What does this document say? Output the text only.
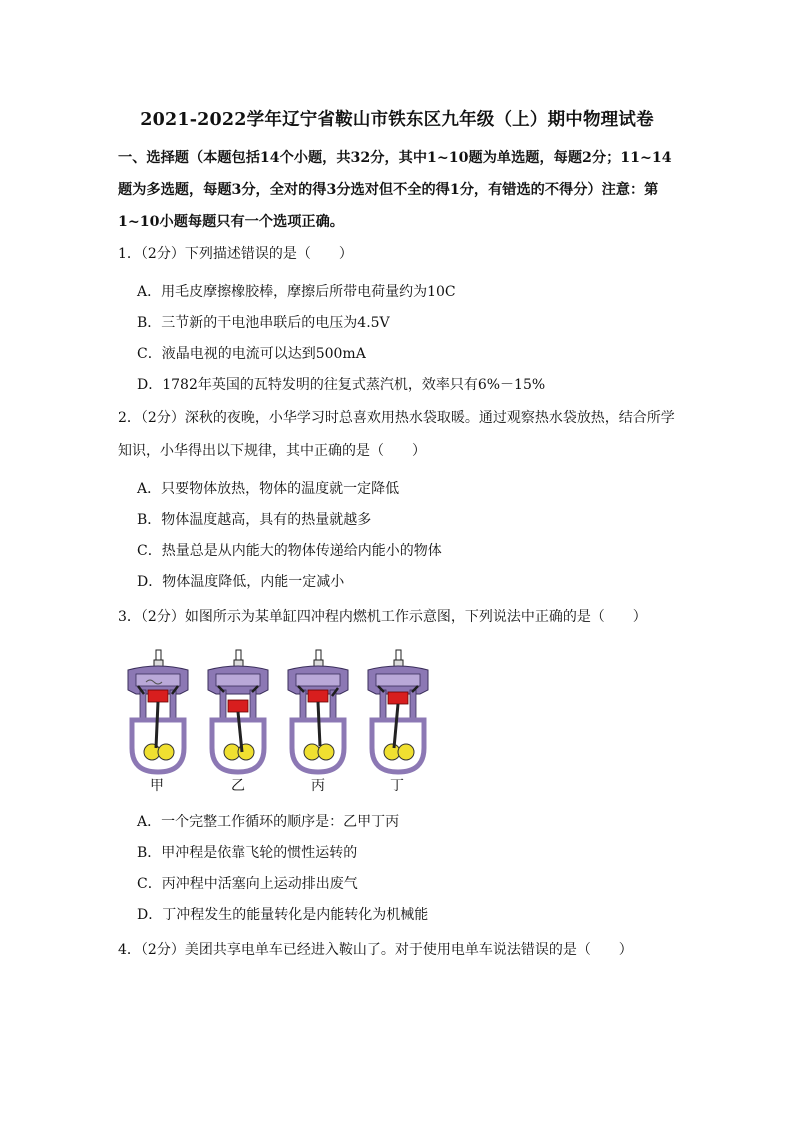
2021-2022学年辽宁省鞍山市铁东区九年级（上）期中物理试卷
一、选择题（本题包括14个小题，共32分，其中1~10题为单选题，每题2分；11~14题为多选题，每题3分，全对的得3分选对但不全的得1分，有错选的不得分）注意：第1~10小题每题只有一个选项正确。
1．（2分）下列描述错误的是（　　）
A．用毛皮摩擦橡胶棒，摩擦后所带电荷量约为10C
B．三节新的干电池串联后的电压为4.5V
C．液晶电视的电流可以达到500mA
D．1782年英国的瓦特发明的往复式蒸汽机，效率只有6%－15%
2．（2分）深秋的夜晚，小华学习时总喜欢用热水袋取暖。通过观察热水袋放热，结合所学
知识，小华得出以下规律，其中正确的是（　　）
A．只要物体放热，物体的温度就一定降低
B．物体温度越高，具有的热量就越多
C．热量总是从内能大的物体传递给内能小的物体
D．物体温度降低，内能一定减小
3．（2分）如图所示为某单缸四冲程内燃机工作示意图，下列说法中正确的是（　　）
甲	乙	丙	丁
A．一个完整工作循环的顺序是：乙甲丁丙
B．甲冲程是依靠飞轮的惯性运转的
C．丙冲程中活塞向上运动排出废气
D．丁冲程发生的能量转化是内能转化为机械能
4．（2分）美团共享电单车已经进入鞍山了。对于使用电单车说法错误的是（　　）
